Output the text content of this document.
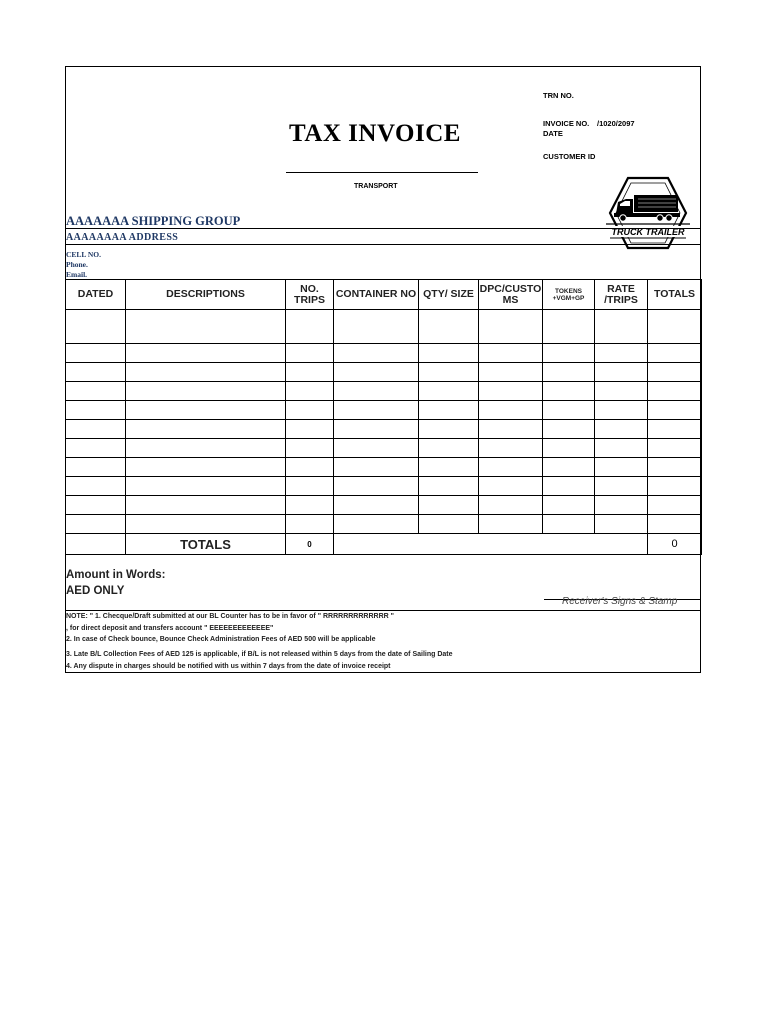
TAX INVOICE
TRANSPORT
TRN NO.
INVOICE NO. /1020/2097
DATE
CUSTOMER ID
TRUCK TRAILER
AAAAAAA SHIPPING GROUP
AAAAAAAA ADDRESS
CELL NO.
Phone.
Email.
DATED	DESCRIPTIONS	NO. TRIPS	CONTAINER NO	QTY/ SIZE	DPC/CUSTO MS	TOKENS +VGM+GP	RATE /TRIPS	TOTALS

	TOTALS	0						0
Amount in Words:
AED ONLY
Receiver's Signs & Stamp
NOTE: " 1. Checque/Draft submitted at our BL Counter has to be in favor of " RRRRRRRRRRRRR "
, for direct deposit and transfers account " EEEEEEEEEEEEE"
2. In case of Check bounce, Bounce Check Administration Fees of AED 500 will be applicable
3. Late B/L Collection Fees of AED 125 is applicable, if B/L is not released within 5 days from the date of Sailing Date
4. Any dispute in charges should be notified with us within 7 days from the date of invoice receipt
